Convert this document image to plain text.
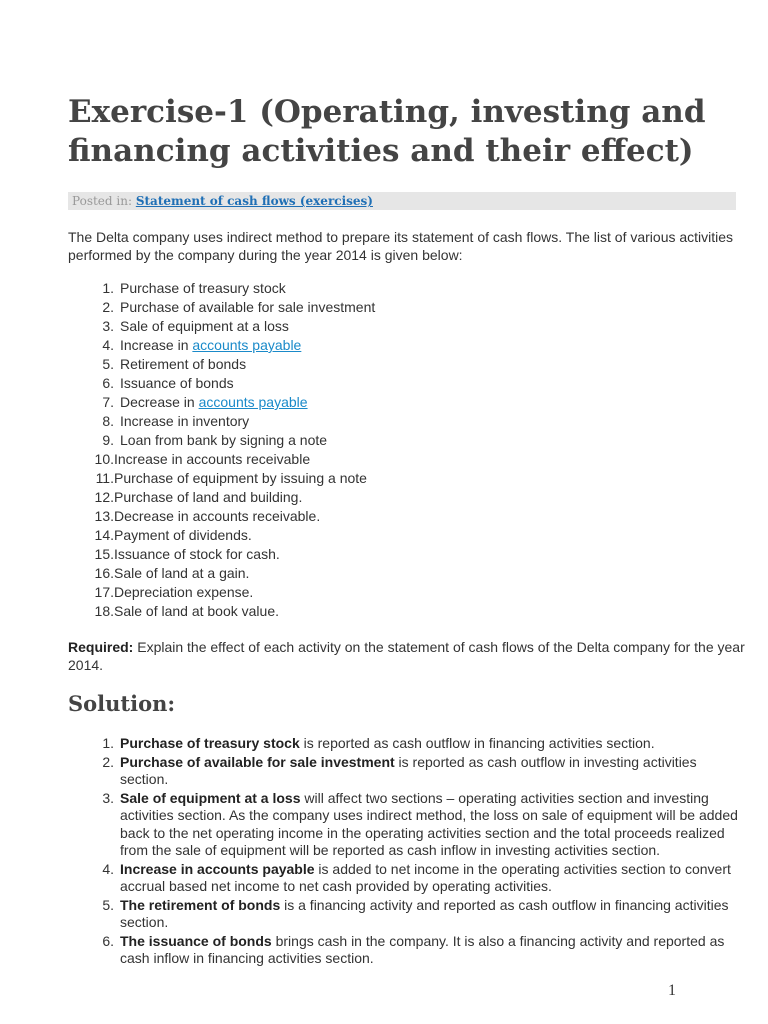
Exercise-1 (Operating, investing and financing activities and their effect)
Posted in: Statement of cash flows (exercises)

The Delta company uses indirect method to prepare its statement of cash flows. The list of various activities performed by the company during the year 2014 is given below:

1. Purchase of treasury stock
2. Purchase of available for sale investment
3. Sale of equipment at a loss
4. Increase in accounts payable
5. Retirement of bonds
6. Issuance of bonds
7. Decrease in accounts payable
8. Increase in inventory
9. Loan from bank by signing a note
10. Increase in accounts receivable
11. Purchase of equipment by issuing a note
12. Purchase of land and building.
13. Decrease in accounts receivable.
14. Payment of dividends.
15. Issuance of stock for cash.
16. Sale of land at a gain.
17. Depreciation expense.
18. Sale of land at book value.

Required: Explain the effect of each activity on the statement of cash flows of the Delta company for the year 2014.

Solution:
1. Purchase of treasury stock is reported as cash outflow in financing activities section.
2. Purchase of available for sale investment is reported as cash outflow in investing activities section.
3. Sale of equipment at a loss will affect two sections – operating activities section and investing activities section. As the company uses indirect method, the loss on sale of equipment will be added back to the net operating income in the operating activities section and the total proceeds realized from the sale of equipment will be reported as cash inflow in investing activities section.
4. Increase in accounts payable is added to net income in the operating activities section to convert accrual based net income to net cash provided by operating activities.
5. The retirement of bonds is a financing activity and reported as cash outflow in financing activities section.
6. The issuance of bonds brings cash in the company. It is also a financing activity and reported as cash inflow in financing activities section.
1
